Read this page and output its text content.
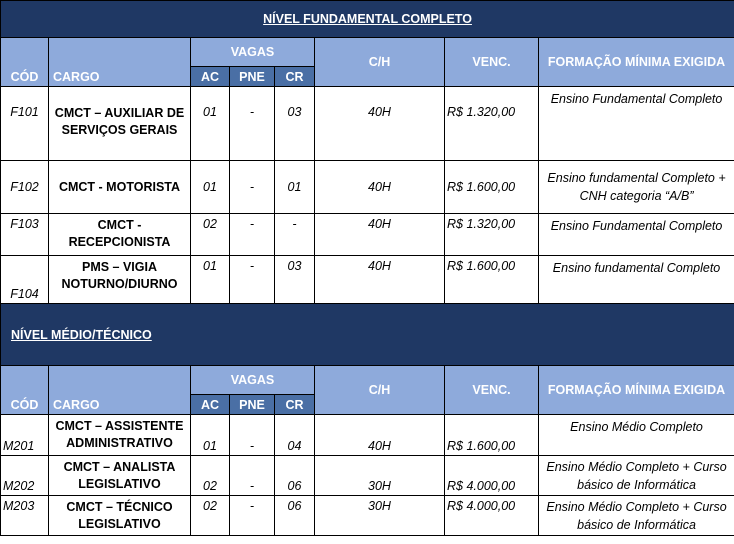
NÍVEL FUNDAMENTAL COMPLETO							
CÓD	CARGO	VAGAS			C/H	VENC.	FORMAÇÃO MÍNIMA EXIGIDA
		AC	PNE	CR			
F101	CMCT – AUXILIAR DE SERVIÇOS GERAIS	01	-	03	40H	R$ 1.320,00	Ensino Fundamental Completo
F102	CMCT - MOTORISTA	01	-	01	40H	R$ 1.600,00	Ensino fundamental Completo + CNH categoria “A/B”
F103	CMCT - RECEPCIONISTA	02	-	-	40H	R$ 1.320,00	Ensino Fundamental Completo
F104	PMS – VIGIA NOTURNO/DIURNO	01	-	03	40H	R$ 1.600,00	Ensino fundamental Completo
NÍVEL MÉDIO/TÉCNICO							
CÓD	CARGO	VAGAS			C/H	VENC.	FORMAÇÃO MÍNIMA EXIGIDA
		AC	PNE	CR			
M201	CMCT – ASSISTENTE ADMINISTRATIVO	01	-	04	40H	R$ 1.600,00	Ensino Médio Completo
M202	CMCT – ANALISTA LEGISLATIVO	02	-	06	30H	R$ 4.000,00	Ensino Médio Completo + Curso básico de Informática
M203	CMCT – TÉCNICO LEGISLATIVO	02	-	06	30H	R$ 4.000,00	Ensino Médio Completo + Curso básico de Informática
